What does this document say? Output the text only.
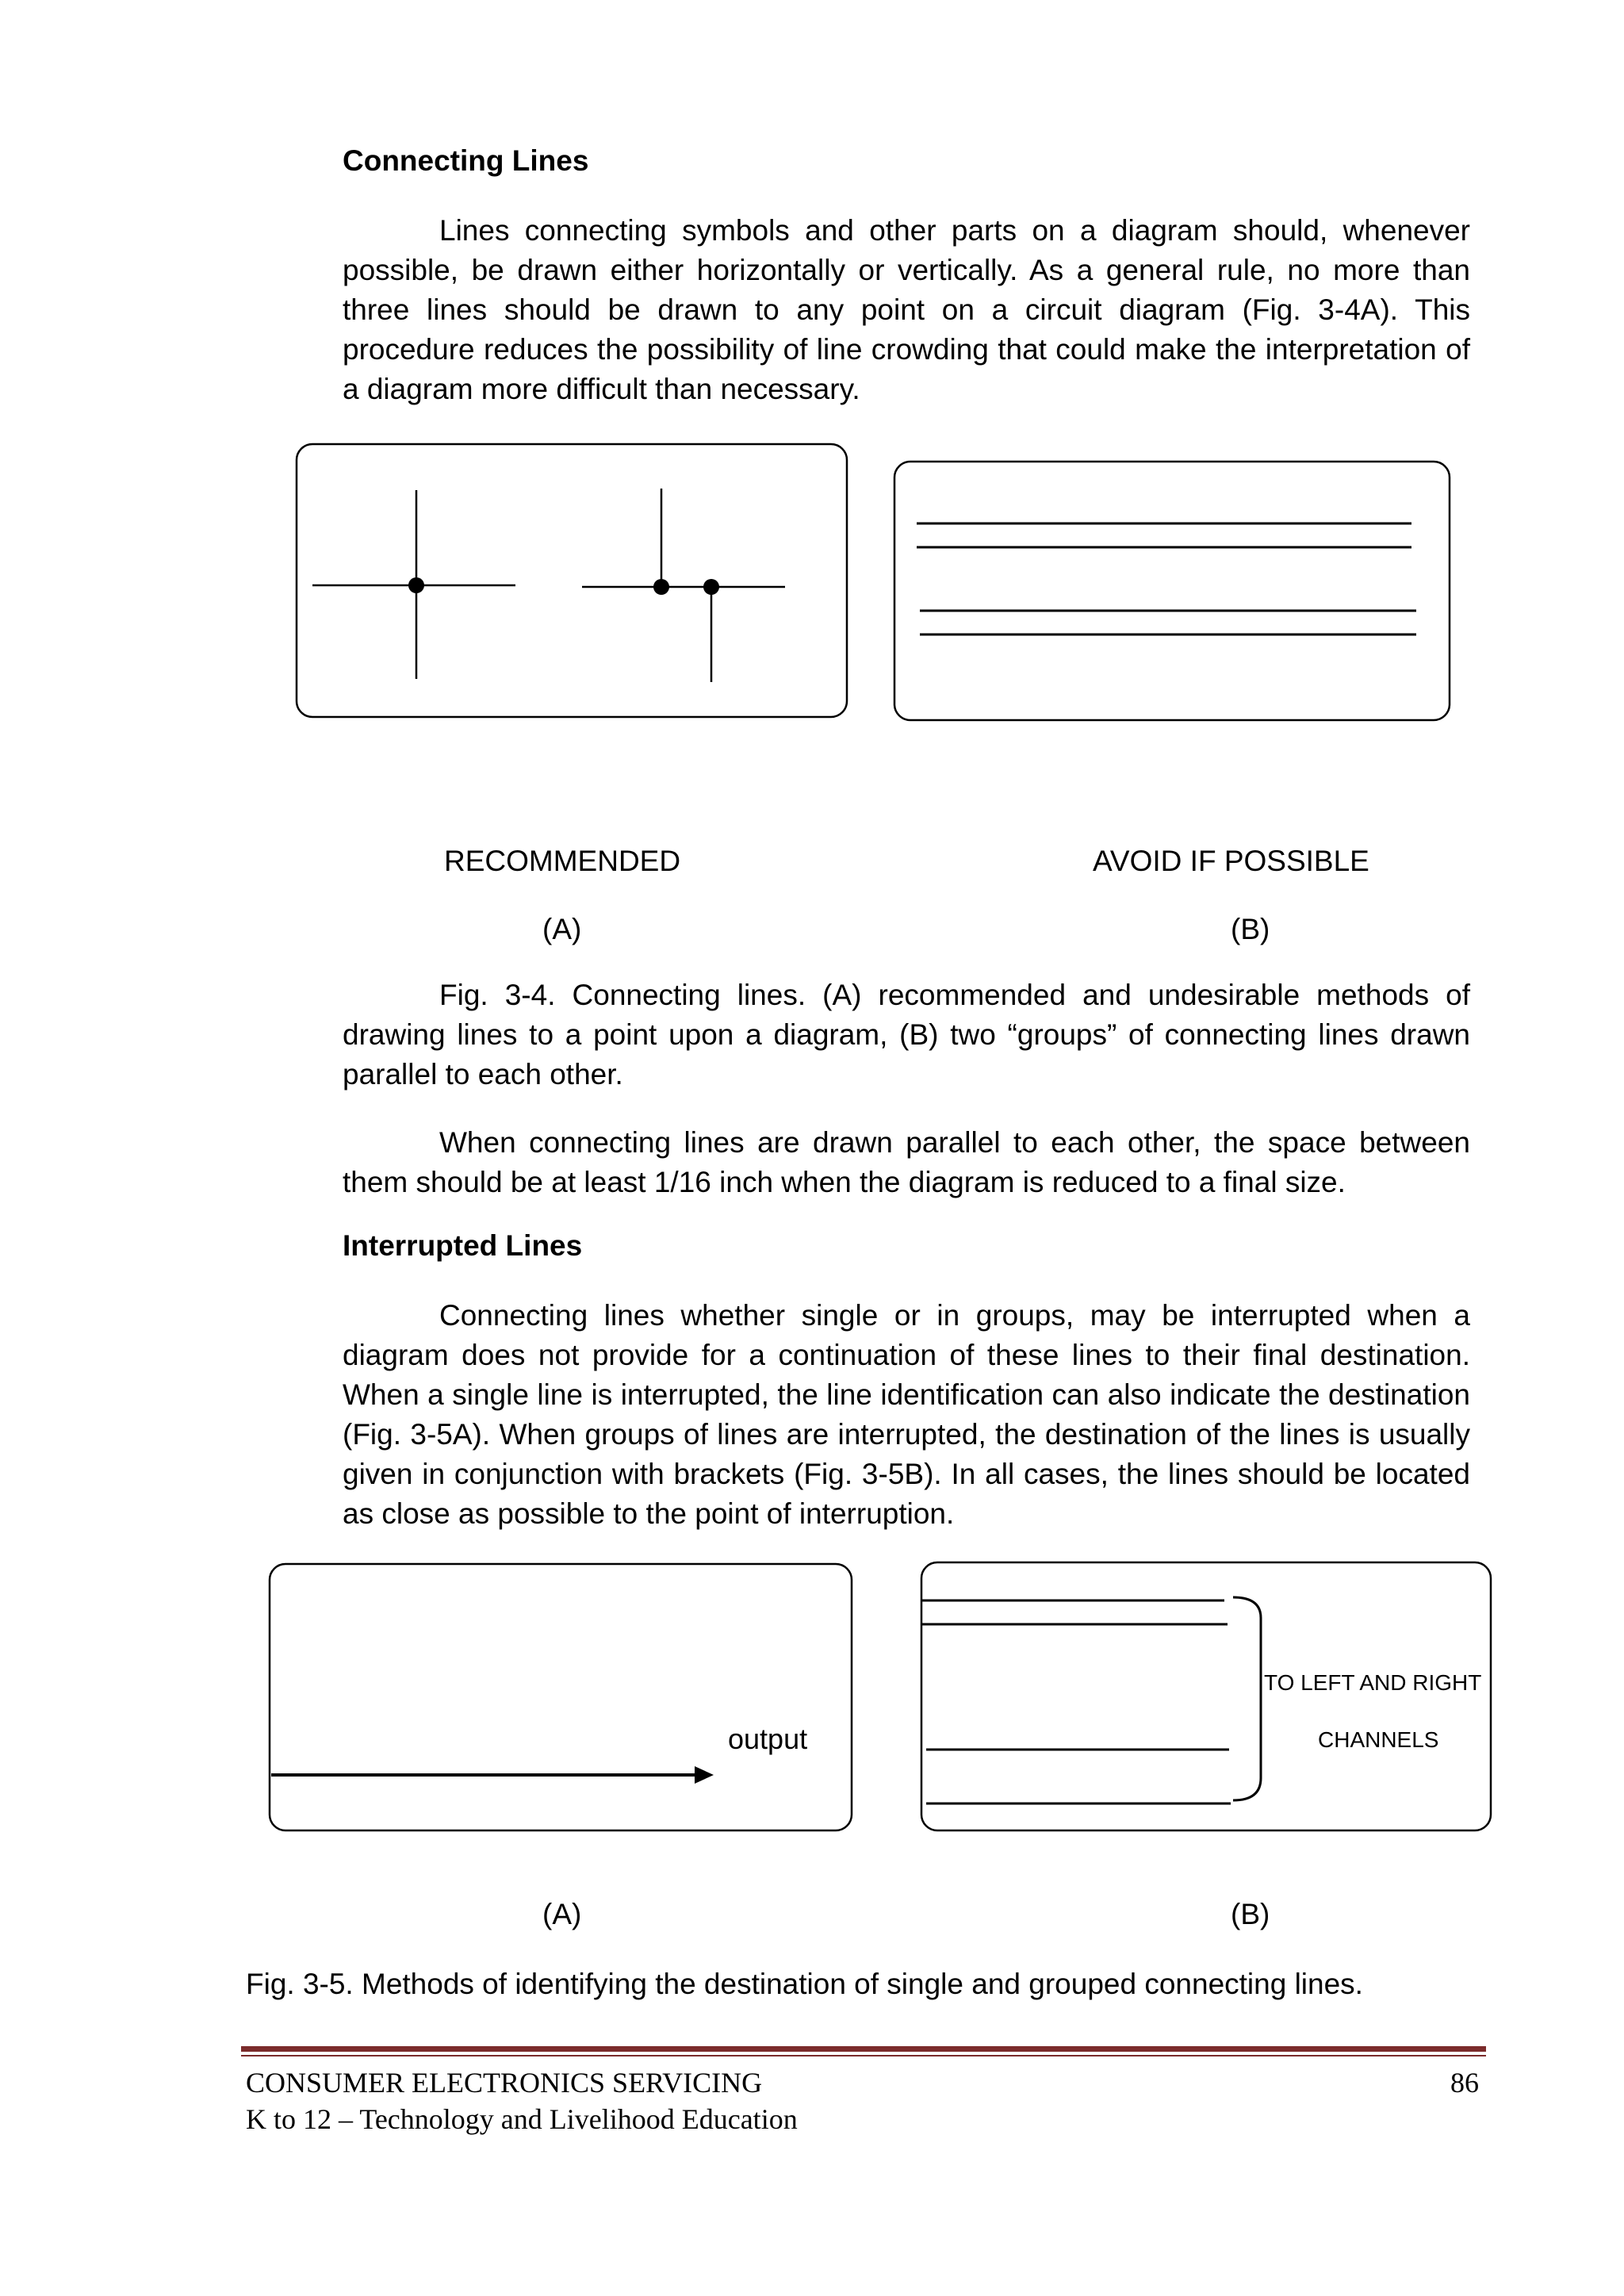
Connecting Lines

Lines connecting symbols and other parts on a diagram should, whenever possible, be drawn either horizontally or vertically. As a general rule, no more than three lines should be drawn to any point on a circuit diagram (Fig. 3-4A). This procedure reduces the possibility of line crowding that could make the interpretation of a diagram more difficult than necessary.

RECOMMENDED	AVOID IF POSSIBLE
(A)	(B)

Fig. 3-4. Connecting lines. (A) recommended and undesirable methods of drawing lines to a point upon a diagram, (B) two “groups” of connecting lines drawn parallel to each other.

When connecting lines are drawn parallel to each other, the space between them should be at least 1/16 inch when the diagram is reduced to a final size.

Interrupted Lines

Connecting lines whether single or in groups, may be interrupted when a diagram does not provide for a continuation of these lines to their final destination. When a single line is interrupted, the line identification can also indicate the destination (Fig. 3-5A). When groups of lines are interrupted, the destination of the lines is usually given in conjunction with brackets (Fig. 3-5B). In all cases, the lines should be located as close as possible to the point of interruption.

output
TO LEFT AND RIGHT
CHANNELS
(A)	(B)
Fig. 3-5. Methods of identifying the destination of single and grouped connecting lines.
CONSUMER ELECTRONICS SERVICING
K to 12 – Technology and Livelihood Education
86
